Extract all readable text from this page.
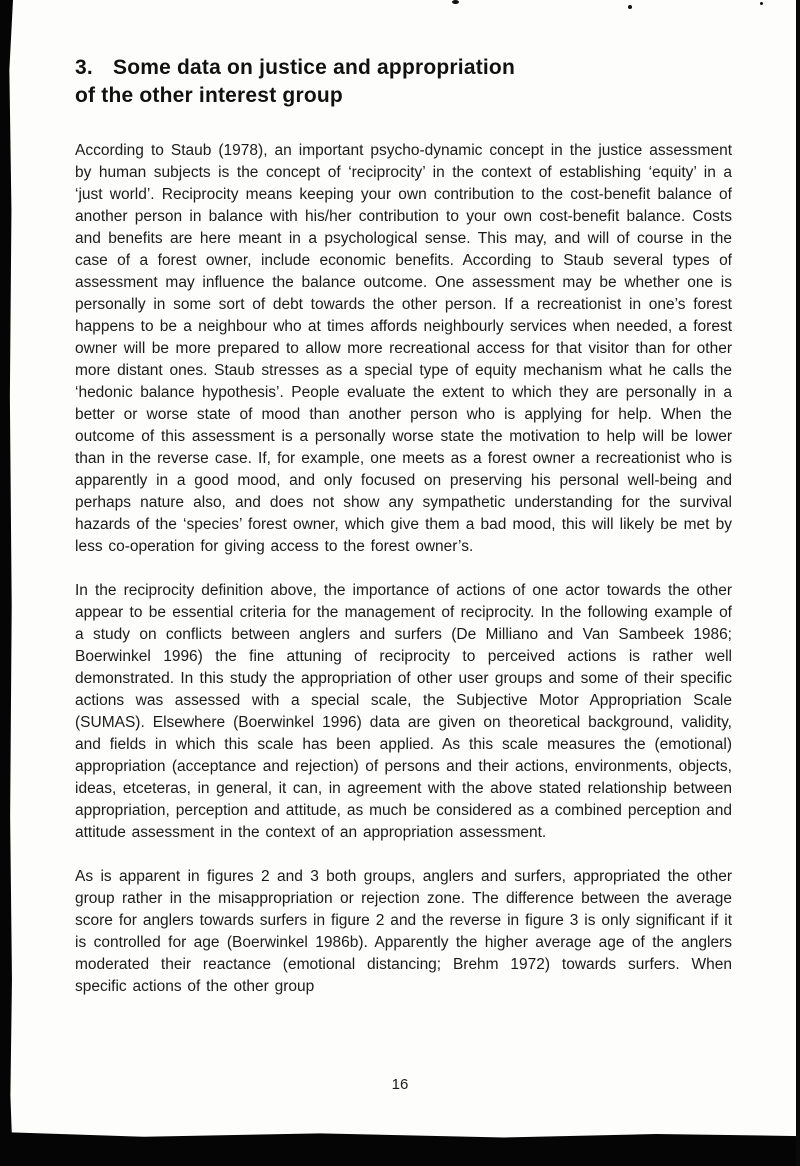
3. Some data on justice and appropriation
of the other interest group

According to Staub (1978), an important psycho-dynamic concept in the justice assessment by human subjects is the concept of ‘reciprocity’ in the context of establishing ‘equity’ in a ‘just world’. Reciprocity means keeping your own contribution to the cost-benefit balance of another person in balance with his/her contribution to your own cost-benefit balance. Costs and benefits are here meant in a psychological sense. This may, and will of course in the case of a forest owner, include economic benefits. According to Staub several types of assessment may influence the balance outcome. One assessment may be whether one is personally in some sort of debt towards the other person. If a recreationist in one’s forest happens to be a neighbour who at times affords neighbourly services when needed, a forest owner will be more prepared to allow more recreational access for that visitor than for other more distant ones. Staub stresses as a special type of equity mechanism what he calls the ‘hedonic balance hypothesis’. People evaluate the extent to which they are personally in a better or worse state of mood than another person who is applying for help. When the outcome of this assessment is a personally worse state the motivation to help will be lower than in the reverse case. If, for example, one meets as a forest owner a recreationist who is apparently in a good mood, and only focused on preserving his personal well-being and perhaps nature also, and does not show any sympathetic understanding for the survival hazards of the ‘species’ forest owner, which give them a bad mood, this will likely be met by less co-operation for giving access to the forest owner’s.

In the reciprocity definition above, the importance of actions of one actor towards the other appear to be essential criteria for the management of reciprocity. In the following example of a study on conflicts between anglers and surfers (De Milliano and Van Sambeek 1986; Boerwinkel 1996) the fine attuning of reciprocity to perceived actions is rather well demonstrated. In this study the appropriation of other user groups and some of their specific actions was assessed with a special scale, the Subjective Motor Appropriation Scale (SUMAS). Elsewhere (Boerwinkel 1996) data are given on theoretical background, validity, and fields in which this scale has been applied. As this scale measures the (emotional) appropriation (acceptance and rejection) of persons and their actions, environments, objects, ideas, etceteras, in general, it can, in agreement with the above stated relationship between appropriation, perception and attitude, as much be considered as a combined perception and attitude assessment in the context of an appropriation assessment.

As is apparent in figures 2 and 3 both groups, anglers and surfers, appropriated the other group rather in the misappropriation or rejection zone. The difference between the average score for anglers towards surfers in figure 2 and the reverse in figure 3 is only significant if it is controlled for age (Boerwinkel 1986b). Apparently the higher average age of the anglers moderated their reactance (emotional distancing; Brehm 1972) towards surfers. When specific actions of the other group

16
